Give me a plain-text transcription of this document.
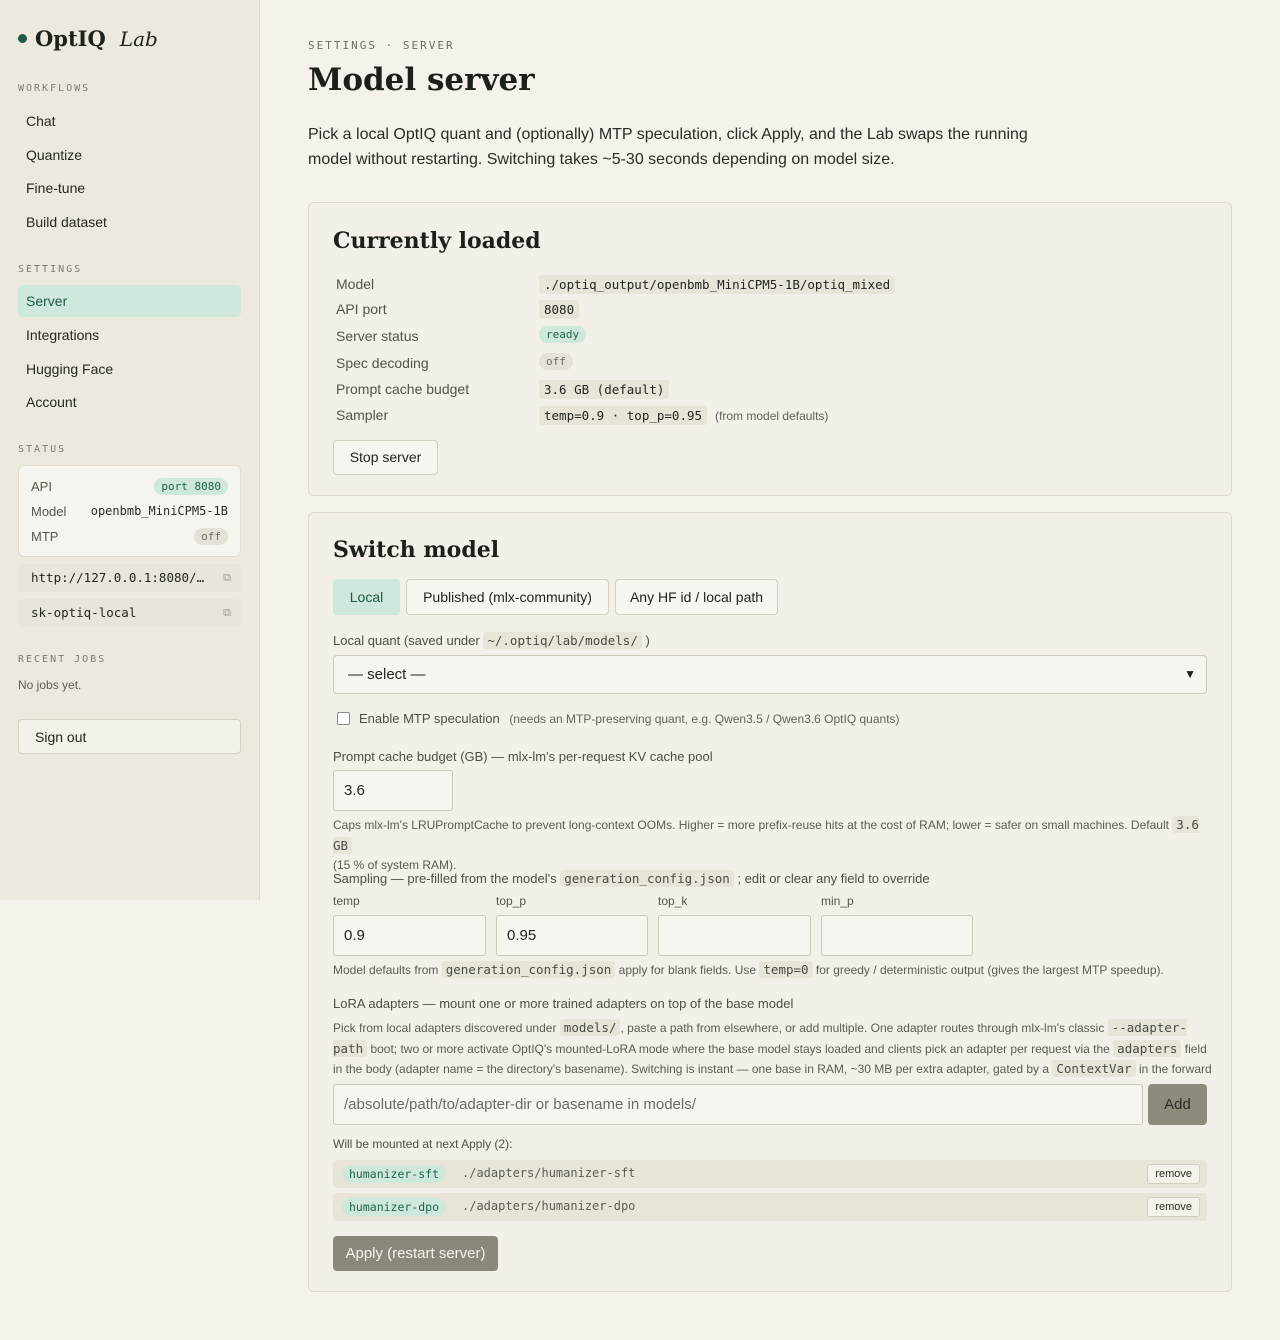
OptIQ Lab
WORKFLOWS
Chat
Quantize
Fine-tune
Build dataset
SETTINGS
Server
Integrations
Hugging Face
Account
STATUS
API	port 8080
Model openbmb_MiniCPM5-1B
MTP	off
http://127.0.0.1:8080/… ⧉
sk-optiq-local	⧉
RECENT JOBS
No jobs yet.
Sign out
SETTINGS · SERVER
Model server

Pick a local OptIQ quant and (optionally) MTP speculation, click Apply, and the Lab swaps the running model without restarting. Switching takes ~5-30 seconds depending on model size.

Currently loaded
Model	./optiq_output/openbmb_MiniCPM5-1B/optiq_mixed
API port	8080
Server status	ready
Spec decoding	off
Prompt cache budget	3.6 GB (default)
Sampler	temp=0.9 · top_p=0.95	(from model defaults)
Stop server
Switch model
Local	Published (mlx-community)	Any HF id / local path
Local quant (saved under ~/.optiq/lab/models/ )
— select —	▼
Enable MTP speculation (needs an MTP-preserving quant, e.g. Qwen3.5 / Qwen3.6 OptIQ quants)
Prompt cache budget (GB) — mlx-lm's per-request KV cache pool
3.6
Caps mlx-lm's LRUPromptCache to prevent long-context OOMs. Higher = more prefix-reuse hits at the cost of RAM; lower = safer on small machines. Default 3.6 GB
(15 % of system RAM).
Sampling — pre-filled from the model's generation_config.json ; edit or clear any field to override
temp	top_p	top_k	min_p
0.9	0.95
Model defaults from generation_config.json apply for blank fields. Use temp=0 for greedy / deterministic output (gives the largest MTP speedup).
LoRA adapters — mount one or more trained adapters on top of the base model
Pick from local adapters discovered under models/ , paste a path from elsewhere, or add multiple. One adapter routes through mlx-lm's classic --adapter-path boot; two or more activate OptIQ's mounted-LoRA mode where the base model stays loaded and clients pick an adapter per request via the adapters field in the body (adapter name = the directory's basename). Switching is instant — one base in RAM, ~30 MB per extra adapter, gated by a ContextVar in the forward
/absolute/path/to/adapter-dir or basename in models/	Add
Will be mounted at next Apply (2):
humanizer-sft	./adapters/humanizer-sft	remove
humanizer-dpo	./adapters/humanizer-dpo	remove
Apply (restart server)
